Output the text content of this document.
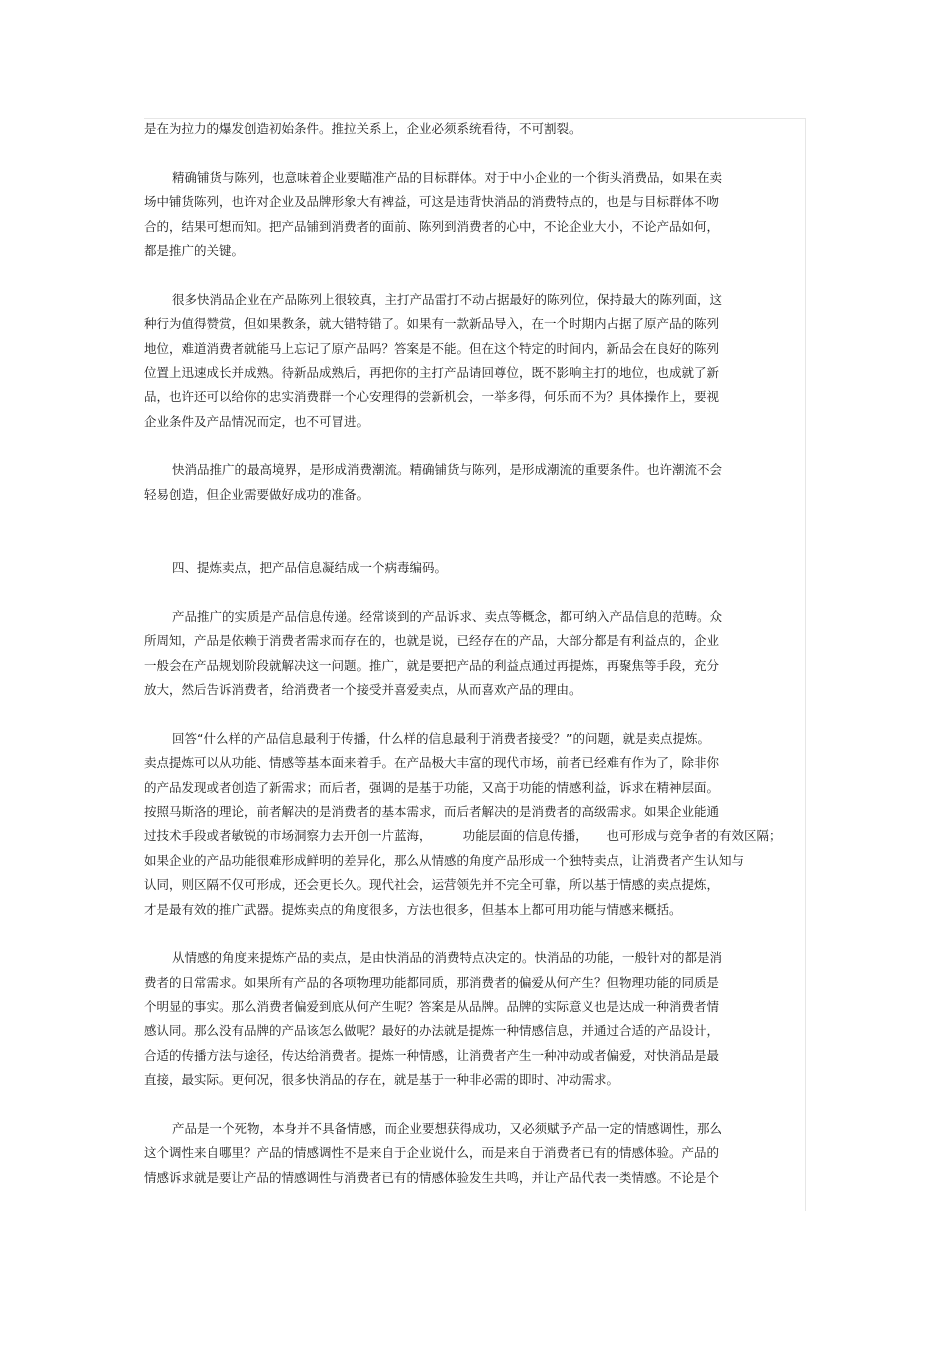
是在为拉力的爆发创造初始条件。推拉关系上，企业必须系统看待，不可割裂。
精确铺货与陈列，也意味着企业要瞄准产品的目标群体。对于中小企业的一个街头消费品，如果在卖
场中铺货陈列，也许对企业及品牌形象大有裨益，可这是违背快消品的消费特点的，也是与目标群体不吻
合的，结果可想而知。把产品铺到消费者的面前、陈列到消费者的心中，不论企业大小，不论产品如何，
都是推广的关键。
很多快消品企业在产品陈列上很较真，主打产品雷打不动占据最好的陈列位，保持最大的陈列面，这
种行为值得赞赏，但如果教条，就大错特错了。如果有一款新品导入，在一个时期内占据了原产品的陈列
地位，难道消费者就能马上忘记了原产品吗？答案是不能。但在这个特定的时间内，新品会在良好的陈列
位置上迅速成长并成熟。待新品成熟后，再把你的主打产品请回尊位，既不影响主打的地位，也成就了新
品，也许还可以给你的忠实消费群一个心安理得的尝新机会，一举多得，何乐而不为？具体操作上，要视
企业条件及产品情况而定，也不可冒进。
快消品推广的最高境界，是形成消费潮流。精确铺货与陈列，是形成潮流的重要条件。也许潮流不会
轻易创造，但企业需要做好成功的准备。
四、提炼卖点，把产品信息凝结成一个病毒编码。
产品推广的实质是产品信息传递。经常谈到的产品诉求、卖点等概念，都可纳入产品信息的范畴。众
所周知，产品是依赖于消费者需求而存在的，也就是说，已经存在的产品，大部分都是有利益点的，企业
一般会在产品规划阶段就解决这一问题。推广，就是要把产品的利益点通过再提炼，再聚焦等手段，充分
放大，然后告诉消费者，给消费者一个接受并喜爱卖点，从而喜欢产品的理由。
回答“什么样的产品信息最利于传播，什么样的信息最利于消费者接受？”的问题，就是卖点提炼。
卖点提炼可以从功能、情感等基本面来着手。在产品极大丰富的现代市场，前者已经难有作为了，除非你
的产品发现或者创造了新需求；而后者，强调的是基于功能，又高于功能的情感利益，诉求在精神层面。
按照马斯洛的理论，前者解决的是消费者的基本需求，而后者解决的是消费者的高级需求。如果企业能通
过技术手段或者敏锐的市场洞察力去开创一片蓝海，　　　功能层面的信息传播，　　也可形成与竞争者的有效区隔；
如果企业的产品功能很难形成鲜明的差异化，那么从情感的角度产品形成一个独特卖点，让消费者产生认知与
认同，则区隔不仅可形成，还会更长久。现代社会，运营领先并不完全可靠，所以基于情感的卖点提炼，
才是最有效的推广武器。提炼卖点的角度很多，方法也很多，但基本上都可用功能与情感来概括。
从情感的角度来提炼产品的卖点，是由快消品的消费特点决定的。快消品的功能，一般针对的都是消
费者的日常需求。如果所有产品的各项物理功能都同质，那消费者的偏爱从何产生？但物理功能的同质是
个明显的事实。那么消费者偏爱到底从何产生呢？答案是从品牌。品牌的实际意义也是达成一种消费者情
感认同。那么没有品牌的产品该怎么做呢？最好的办法就是提炼一种情感信息，并通过合适的产品设计，
合适的传播方法与途径，传达给消费者。提炼一种情感，让消费者产生一种冲动或者偏爱，对快消品是最
直接，最实际。更何况，很多快消品的存在，就是基于一种非必需的即时、冲动需求。
产品是一个死物，本身并不具备情感，而企业要想获得成功，又必须赋予产品一定的情感调性，那么
这个调性来自哪里？产品的情感调性不是来自于企业说什么，而是来自于消费者已有的情感体验。产品的
情感诉求就是要让产品的情感调性与消费者已有的情感体验发生共鸣，并让产品代表一类情感。不论是个
